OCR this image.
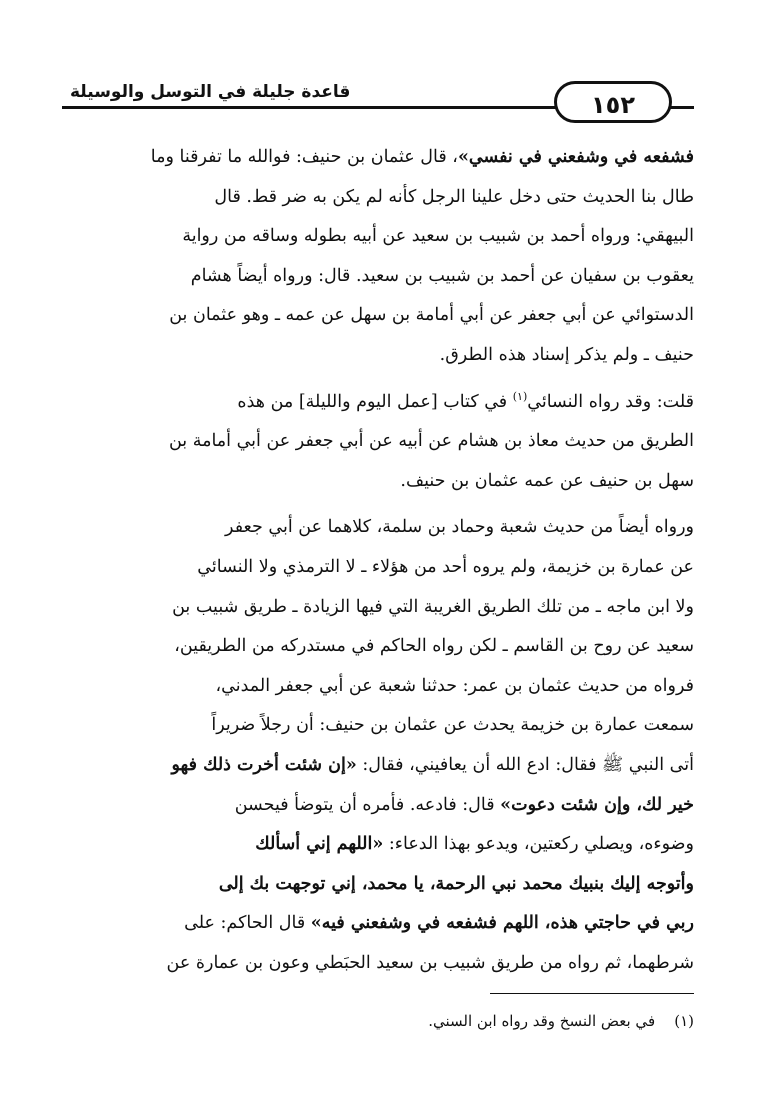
قاعدة جليلة في التوسل والوسيلة	١٥٢
فشفعه في وشفعني في نفسي»، قال عثمان بن حنيف: فوالله ما تفرقنا وما
طال بنا الحديث حتى دخل علينا الرجل كأنه لم يكن به ضر قط. قال
البيهقي: ورواه أحمد بن شبيب بن سعيد عن أبيه بطوله وساقه من رواية
يعقوب بن سفيان عن أحمد بن شبيب بن سعيد. قال: ورواه أيضاً هشام
الدستوائي عن أبي جعفر عن أبي أمامة بن سهل عن عمه ـ وهو عثمان بن
حنيف ـ ولم يذكر إسناد هذه الطرق.
قلت: وقد رواه النسائي$^{(١)}$ في كتاب [عمل اليوم والليلة] من هذه
الطريق من حديث معاذ بن هشام عن أبيه عن أبي جعفر عن أبي أمامة بن
سهل بن حنيف عن عمه عثمان بن حنيف.
ورواه أيضاً من حديث شعبة وحماد بن سلمة، كلاهما عن أبي جعفر
عن عمارة بن خزيمة، ولم يروه أحد من هؤلاء ـ لا الترمذي ولا النسائي
ولا ابن ماجه ـ من تلك الطريق الغريبة التي فيها الزيادة ـ طريق شبيب بن
سعيد عن روح بن القاسم ـ لكن رواه الحاكم في مستدركه من الطريقين،
فرواه من حديث عثمان بن عمر: حدثنا شعبة عن أبي جعفر المدني،
سمعت عمارة بن خزيمة يحدث عن عثمان بن حنيف: أن رجلاً ضريراً
أتى النبي ﷺ فقال: ادع الله أن يعافيني، فقال: «إن شئت أخرت ذلك فهو
خير لك، وإن شئت دعوت» قال: فادعه. فأمره أن يتوضأ فيحسن
وضوءه، ويصلي ركعتين، ويدعو بهذا الدعاء: «اللهم إني أسألك
وأتوجه إليك بنبيك محمد نبي الرحمة، يا محمد، إني توجهت بك إلى
ربي في حاجتي هذه، اللهم فشفعه في وشفعني فيه» قال الحاكم: على
شرطهما، ثم رواه من طريق شبيب بن سعيد الحبَطي وعون بن عمارة عن
(١)    في بعض النسخ وقد رواه ابن السني.
